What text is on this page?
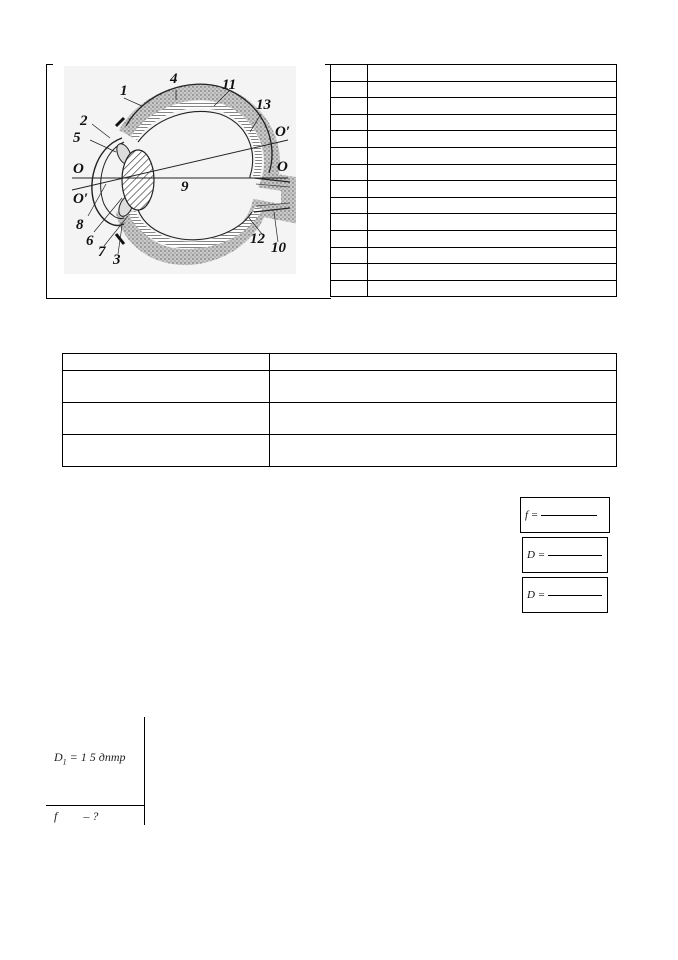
1
2
3
4
5
6
7
8
9
10
11
12
13
O	O
O′
O′

f =
D =
D =
$D_1 = 1$ 5 дптр
f – ?
